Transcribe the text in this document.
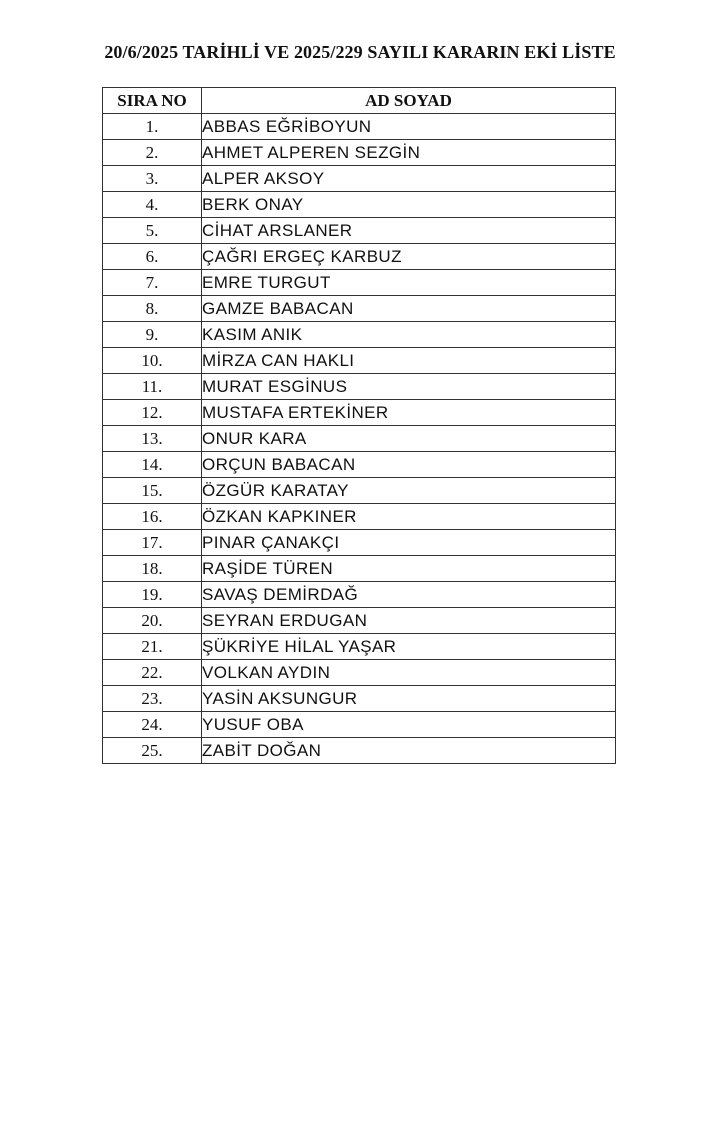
20/6/2025 TARİHLİ VE 2025/229 SAYILI KARARIN EKİ LİSTE
SIRA NO	AD SOYAD
1.	ABBAS EĞRİBOYUN
2.	AHMET ALPEREN SEZGİN
3.	ALPER AKSOY
4.	BERK ONAY
5.	CİHAT ARSLANER
6.	ÇAĞRI ERGEÇ KARBUZ
7.	EMRE TURGUT
8.	GAMZE BABACAN
9.	KASIM ANIK
10.	MİRZA CAN HAKLI
11.	MURAT ESGİNUS
12.	MUSTAFA ERTEKİNER
13.	ONUR KARA
14.	ORÇUN BABACAN
15.	ÖZGÜR KARATAY
16.	ÖZKAN KAPKINER
17.	PINAR ÇANAKÇI
18.	RAŞİDE TÜREN
19.	SAVAŞ DEMİRDAĞ
20.	SEYRAN ERDUGAN
21.	ŞÜKRİYE HİLAL YAŞAR
22.	VOLKAN AYDIN
23.	YASİN AKSUNGUR
24.	YUSUF OBA
25.	ZABİT DOĞAN
